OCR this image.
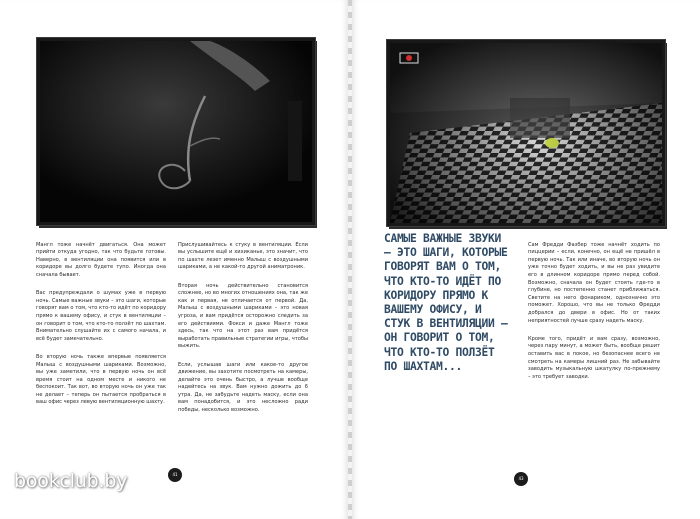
Мангл тоже начнёт двигаться. Она может прийти откуда угодно, так что будьте готовы. Наверно, в вентиляции она появится или в коридоре вы долго будете тупо. Иногда она сначала бывает.

Вас предупреждали о шумах уже в первую ночь. Самые важные звуки – это шаги, которые говорят вам о том, что кто-то идёт по коридору прямо к вашему офису, и стук в вентиляции – он говорит о том, что кто-то ползёт по шахтам. Внимательно слушайте их с самого начала, и всё будет замечательно.

Во вторую ночь также впервые появляется Малыш с воздушными шариками. Возможно, вы уже заметили, что в первую ночь он всё время стоит на одном месте и никого не беспокоит. Так вот, во вторую ночь он уже так не делает – теперь он пытается пробраться в ваш офис через левую вентиляционную шахту.

Прислушивайтесь к стуку в вентиляции. Если вы услышите ещё и хихиканье, это значит, что по шахте лезет именно Малыш с воздушными шариками, а не какой-то другой аниматроник.

Вторая ночь действительно становится сложнее, но во многих отношениях она, так же как и первая, не отличается от первой. Да, Малыш с воздушными шариками – это новая угроза, и вам придётся осторожно следить за его действиями. Фокси и даже Мангл тоже здесь, так что на этот раз вам придётся выработать правильные стратегии игры, чтобы выжить.

Если, услышав шаги или какое-то другое движение, вы захотите посмотреть на камеры, делайте это очень быстро, а лучше вообще надейтесь на звук. Вам нужно дожить до 6 утра. Да, не забудьте надеть маску, если она вам понадобится, и это несложно ради победы, несколько возможно.

САМЫЕ ВАЖНЫЕ ЗВУКИ – ЭТО ШАГИ, КОТОРЫЕ ГОВОРЯТ ВАМ О ТОМ, ЧТО КТО-ТО ИДЁТ ПО КОРИДОРУ ПРЯМО К ВАШЕМУ ОФИСУ, И СТУК В ВЕНТИЛЯЦИИ – ОН ГОВОРИТ О ТОМ, ЧТО КТО-ТО ПОЛЗЁТ ПО ШАХТАМ...

Сам Фредди Фазбер тоже начнёт ходить по пиццерии – если, конечно, он ещё не пришёл в первую ночь. Так или иначе, во вторую ночь он уже точно будет ходить, и вы не раз увидите его в длинном коридоре прямо перед собой. Возможно, сначала он будет стоять где-то в глубине, но постепенно станет приближаться. Светите на него фонариком, однозначно это поможет. Хорошо, что вы не только Фредди добрался до двери в офис. Но от таких неприятностей лучше сразу надеть маску.

Кроме того, придёт и вам сразу, возможно, через пару минут, а может быть, вообще решит оставить вас в покое, но безопаснее всего не смотреть на камеры лишний раз. Не забывайте заводить музыкальную шкатулку по-прежнему – это требует заводки.

41
43
bookclub.by
